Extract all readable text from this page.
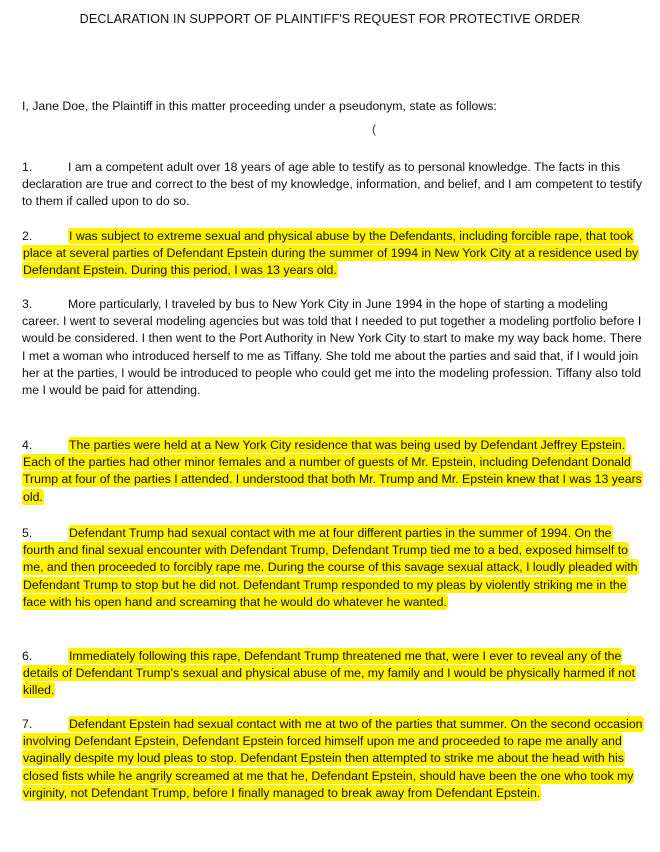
DECLARATION IN SUPPORT OF PLAINTIFF'S REQUEST FOR PROTECTIVE ORDER
I, Jane Doe, the Plaintiff in this matter proceeding under a pseudonym, state as follows:
(
1.	I am a competent adult over 18 years of age able to testify as to personal knowledge. The facts in this declaration are true and correct to the best of my knowledge, information, and belief, and I am competent to testify to them if called upon to do so.
2.	I was subject to extreme sexual and physical abuse by the Defendants, including forcible rape, that took place at several parties of Defendant Epstein during the summer of 1994 in New York City at a residence used by Defendant Epstein. During this period, I was 13 years old.
3.	More particularly, I traveled by bus to New York City in June 1994 in the hope of starting a modeling career. I went to several modeling agencies but was told that I needed to put together a modeling portfolio before I would be considered. I then went to the Port Authority in New York City to start to make my way back home. There I met a woman who introduced herself to me as Tiffany. She told me about the parties and said that, if I would join her at the parties, I would be introduced to people who could get me into the modeling profession. Tiffany also told me I would be paid for attending.
4.	The parties were held at a New York City residence that was being used by Defendant Jeffrey Epstein. Each of the parties had other minor females and a number of guests of Mr. Epstein, including Defendant Donald Trump at four of the parties I attended. I understood that both Mr. Trump and Mr. Epstein knew that I was 13 years old.
5.	Defendant Trump had sexual contact with me at four different parties in the summer of 1994. On the fourth and final sexual encounter with Defendant Trump, Defendant Trump tied me to a bed, exposed himself to me, and then proceeded to forcibly rape me. During the course of this savage sexual attack, I loudly pleaded with Defendant Trump to stop but he did not. Defendant Trump responded to my pleas by violently striking me in the face with his open hand and screaming that he would do whatever he wanted.
6.	Immediately following this rape, Defendant Trump threatened me that, were I ever to reveal any of the details of Defendant Trump's sexual and physical abuse of me, my family and I would be physically harmed if not killed.
7.	Defendant Epstein had sexual contact with me at two of the parties that summer. On the second occasion involving Defendant Epstein, Defendant Epstein forced himself upon me and proceeded to rape me anally and vaginally despite my loud pleas to stop. Defendant Epstein then attempted to strike me about the head with his closed fists while he angrily screamed at me that he, Defendant Epstein, should have been the one who took my virginity, not Defendant Trump, before I finally managed to break away from Defendant Epstein.
